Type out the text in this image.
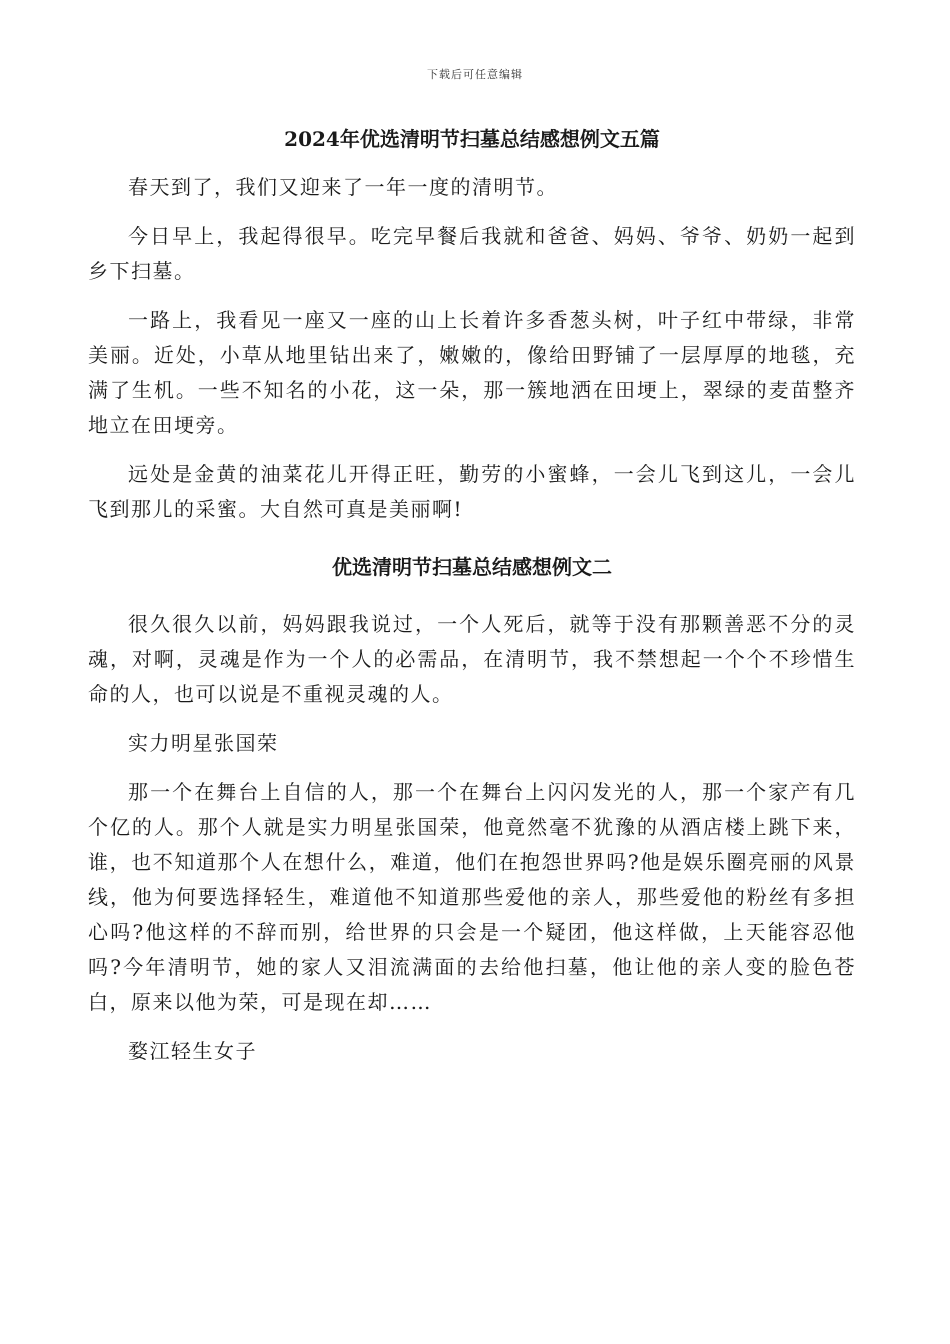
下载后可任意编辑
2024年优选清明节扫墓总结感想例文五篇

春天到了，我们又迎来了一年一度的清明节。

今日早上，我起得很早。吃完早餐后我就和爸爸、妈妈、爷爷、奶奶一起到乡下扫墓。

一路上，我看见一座又一座的山上长着许多香葱头树，叶子红中带绿，非常美丽。近处，小草从地里钻出来了，嫩嫩的，像给田野铺了一层厚厚的地毯，充满了生机。一些不知名的小花，这一朵，那一簇地洒在田埂上，翠绿的麦苗整齐地立在田埂旁。

远处是金黄的油菜花儿开得正旺，勤劳的小蜜蜂，一会儿飞到这儿，一会儿飞到那儿的采蜜。大自然可真是美丽啊!

优选清明节扫墓总结感想例文二

很久很久以前，妈妈跟我说过，一个人死后，就等于没有那颗善恶不分的灵魂，对啊，灵魂是作为一个人的必需品，在清明节，我不禁想起一个个不珍惜生命的人，也可以说是不重视灵魂的人。

实力明星张国荣

那一个在舞台上自信的人，那一个在舞台上闪闪发光的人，那一个家产有几个亿的人。那个人就是实力明星张国荣，他竟然毫不犹豫的从酒店楼上跳下来，谁，也不知道那个人在想什么，难道，他们在抱怨世界吗?他是娱乐圈亮丽的风景线，他为何要选择轻生，难道他不知道那些爱他的亲人，那些爱他的粉丝有多担心吗?他这样的不辞而别，给世界的只会是一个疑团，他这样做，上天能容忍他吗?今年清明节，她的家人又泪流满面的去给他扫墓，他让他的亲人变的脸色苍白，原来以他为荣，可是现在却……

婺江轻生女子
